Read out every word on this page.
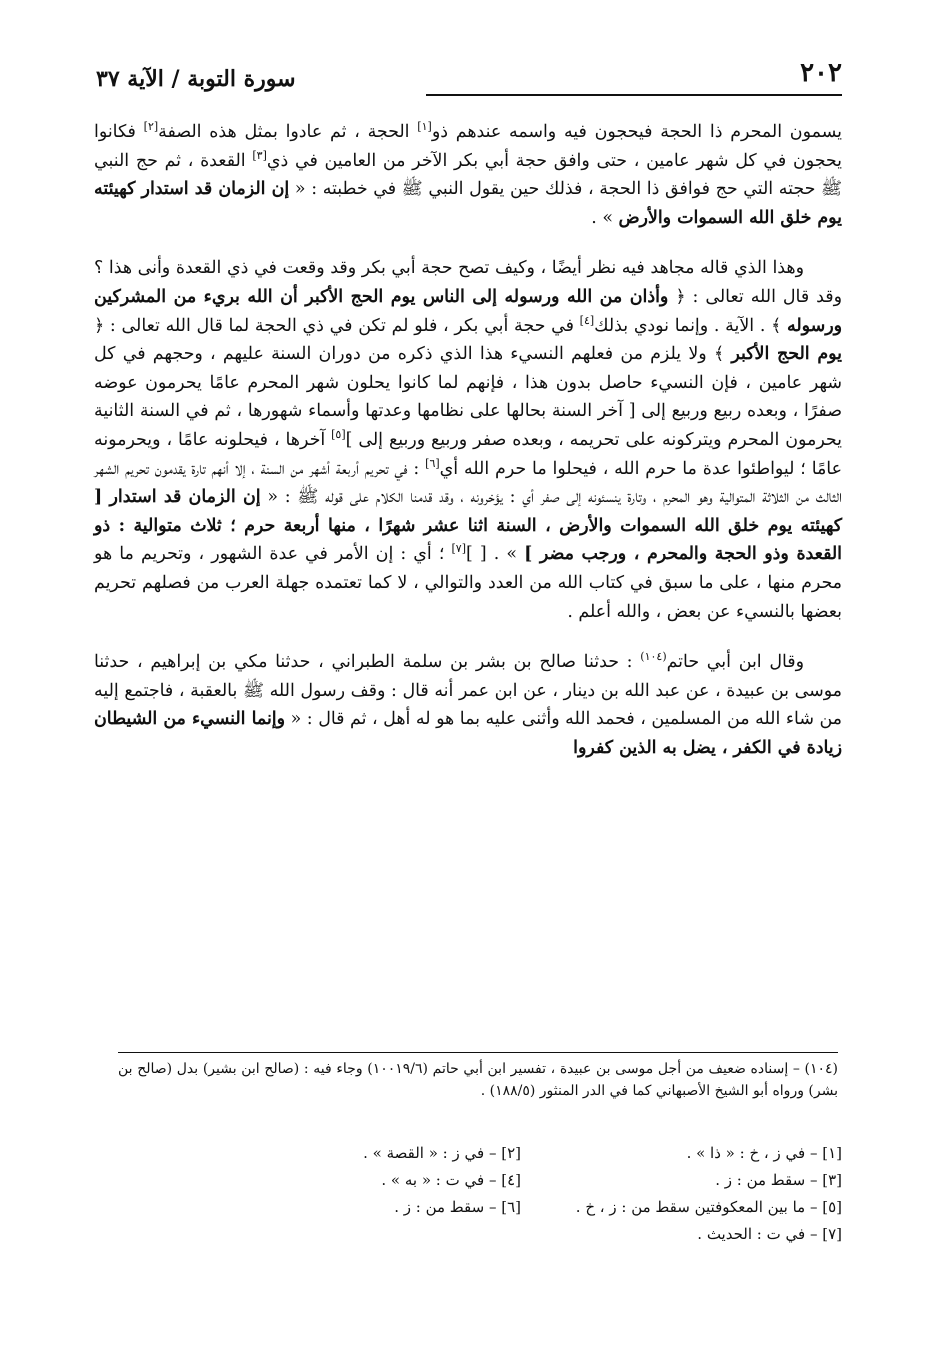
٢٠٢
سورة التوبة / الآية ٣٧

يسمون المحرم ذا الحجة فيحجون فيه واسمه عندهم ذو[١] الحجة ، ثم عادوا بمثل هذه الصفة[٢] فكانوا يحجون في كل شهر عامين ، حتى وافق حجة أبي بكر الآخر من العامين في ذي[٣] القعدة ، ثم حج النبي ﷺ حجته التي حج فوافق ذا الحجة ، فذلك حين يقول النبي ﷺ في خطبته : « إن الزمان قد استدار كهيئته يوم خلق الله السموات والأرض » .

وهذا الذي قاله مجاهد فيه نظر أيضًا ، وكيف تصح حجة أبي بكر وقد وقعت في ذي القعدة وأنى هذا ؟ وقد قال الله تعالى : ﴿ وأذان من الله ورسوله إلى الناس يوم الحج الأكبر أن الله بريء من المشركين ورسوله ﴾ . الآية . وإنما نودي بذلك[٤] في حجة أبي بكر ، فلو لم تكن في ذي الحجة لما قال الله تعالى : ﴿ يوم الحج الأكبر ﴾ ولا يلزم من فعلهم النسيء هذا الذي ذكره من دوران السنة عليهم ، وحجهم في كل شهر عامين ، فإن النسيء حاصل بدون هذا ، فإنهم لما كانوا يحلون شهر المحرم عامًا يحرمون عوضه صفرًا ، وبعده ربيع وربيع إلى [ آخر السنة بحالها على نظامها وعدتها وأسماء شهورها ، ثم في السنة الثانية يحرمون المحرم ويتركونه على تحريمه ، وبعده صفر وربيع وربيع إلى ][٥] آخرها ، فيحلونه عامًا ، ويحرمونه عامًا ؛ ليواطئوا عدة ما حرم الله ، فيحلوا ما حرم الله أي[٦] : في تحريم أربعة أشهر من السنة ، إلا أنهم تارة يقدمون تحريم الشهر الثالث من الثلاثة المتوالية وهو المحرم ، وتارة ينسئونه إلى صفر أي : يؤخرونه ، وقد قدمنا الكلام على قوله ﷺ : « إن الزمان قد استدار [ كهيئته يوم خلق الله السموات والأرض ، السنة اثنا عشر شهرًا ، منها أربعة حرم ؛ ثلاث متوالية : ذو القعدة وذو الحجة والمحرم ، ورجب مضر ] » . [ ][٧] ؛ أي : إن الأمر في عدة الشهور ، وتحريم ما هو محرم منها ، على ما سبق في كتاب الله من العدد والتوالي ، لا كما تعتمده جهلة العرب من فصلهم تحريم بعضها بالنسيء عن بعض ، والله أعلم .

وقال ابن أبي حاتم$^{(١٠٤)}$ : حدثنا صالح بن بشر بن سلمة الطبراني ، حدثنا مكي بن إبراهيم ، حدثنا موسى بن عبيدة ، عن عبد الله بن دينار ، عن ابن عمر أنه قال : وقف رسول الله ﷺ بالعقبة ، فاجتمع إليه من شاء الله من المسلمين ، فحمد الله وأثنى عليه بما هو له أهل ، ثم قال : « وإنما النسيء من الشيطان زيادة في الكفر ، يضل به الذين كفروا

(١٠٤) – إسناده ضعيف من أجل موسى بن عبيدة ، تفسير ابن أبي حاتم (١٠٠١٩/٦) وجاء فيه : (صالح ابن بشير) بدل (صالح بن بشر) ورواه أبو الشيخ الأصبهاني كما في الدر المنثور (١٨٨/٥) .
[١] – في ز ، خ : « ذا » .
[٢] – في ز : « القصة » .
[٣] – سقط من : ز .
[٤] – في ت : « به » .
[٥] – ما بين المعكوفتين سقط من : ز ، خ .
[٦] – سقط من : ز .
[٧] – في ت : الحديث .
